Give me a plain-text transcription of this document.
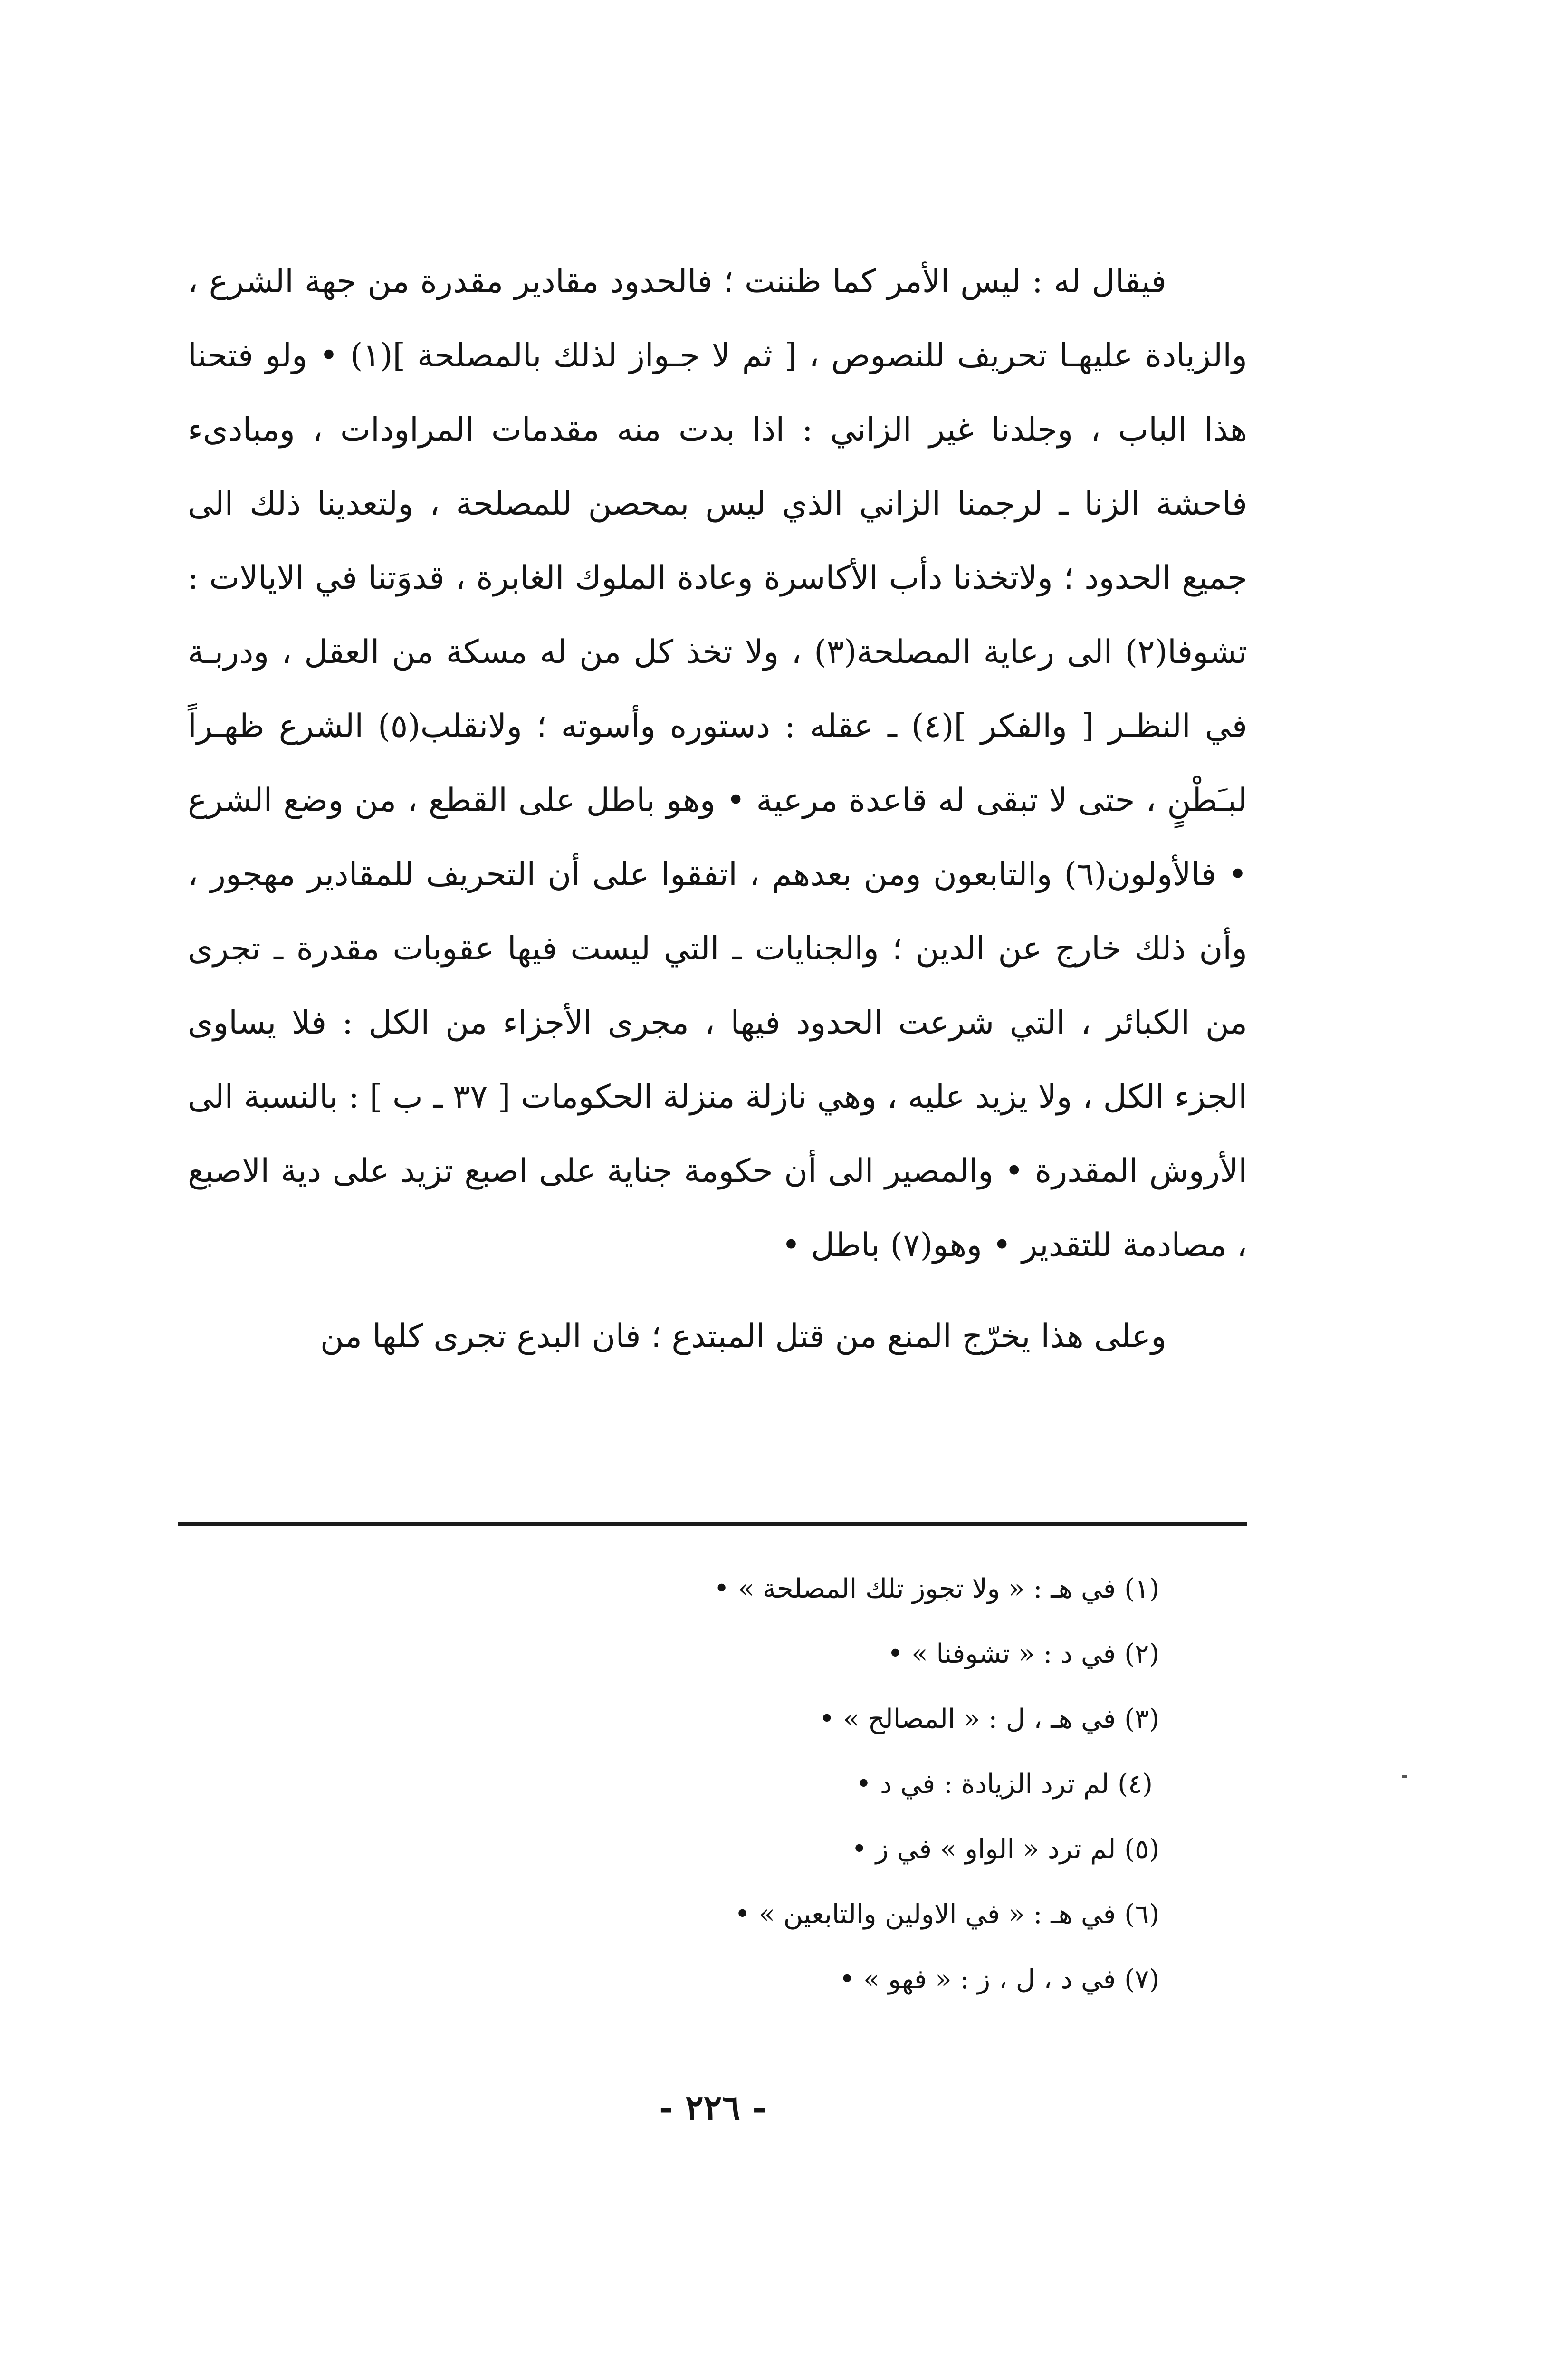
فيقال له : ليس الأمر كما ظننت ؛ فالحدود مقادير مقدرة من جهة الشرع ، والزيادة عليهـا تحريف للنصوص ، [ ثم لا جـواز لذلك بالمصلحة ](١) • ولو فتحنا هذا الباب ، وجلدنا غير الزاني : اذا بدت منه مقدمات المراودات ، ومبادىء فاحشة الزنا ـ لرجمنا الزاني الذي ليس بمحصن للمصلحة ، ولتعدينا ذلك الى جميع الحدود ؛ ولاتخذنا دأب الأكاسرة وعادة الملوك الغابرة ، قدوَتنا في الايالات : تشوفا(٢) الى رعاية المصلحة(٣) ، ولا تخذ كل من له مسكة من العقل ، ودربـة في النظـر [ والفكر ](٤) ـ عقله : دستوره وأسوته ؛ ولانقلب(٥) الشرع ظهـراً لبـَطْنٍ ، حتى لا تبقى له قاعدة مرعية • وهو باطل على القطع ، من وضع الشرع • فالأولون(٦) والتابعون ومن بعدهم ، اتفقوا على أن التحريف للمقادير مهجور ، وأن ذلك خارج عن الدين ؛ والجنايات ـ التي ليست فيها عقوبات مقدرة ـ تجرى من الكبائر ، التي شرعت الحدود فيها ، مجرى الأجزاء من الكل : فلا يساوى الجزء الكل ، ولا يزيد عليه ، وهي نازلة منزلة الحكومات [ ٣٧ ـ ب ] : بالنسبة الى الأروش المقدرة • والمصير الى أن حكومة جناية على اصبع تزيد على دية الاصبع ، مصادمة للتقدير • وهو(٧) باطل •

وعلى هذا يخرّج المنع من قتل المبتدع ؛ فان البدع تجرى كلها من

(١) في هـ : « ولا تجوز تلك المصلحة » •
(٢) في د : « تشوفنا » •
(٣) في هـ ، ل : « المصالح » •
(٤) لم ترد الزيادة : في د •
(٥) لم ترد « الواو » في ز •
(٦) في هـ : « في الاولين والتابعين » •
(٧) في د ، ل ، ز : « فهو » •
- ٢٢٦ -
